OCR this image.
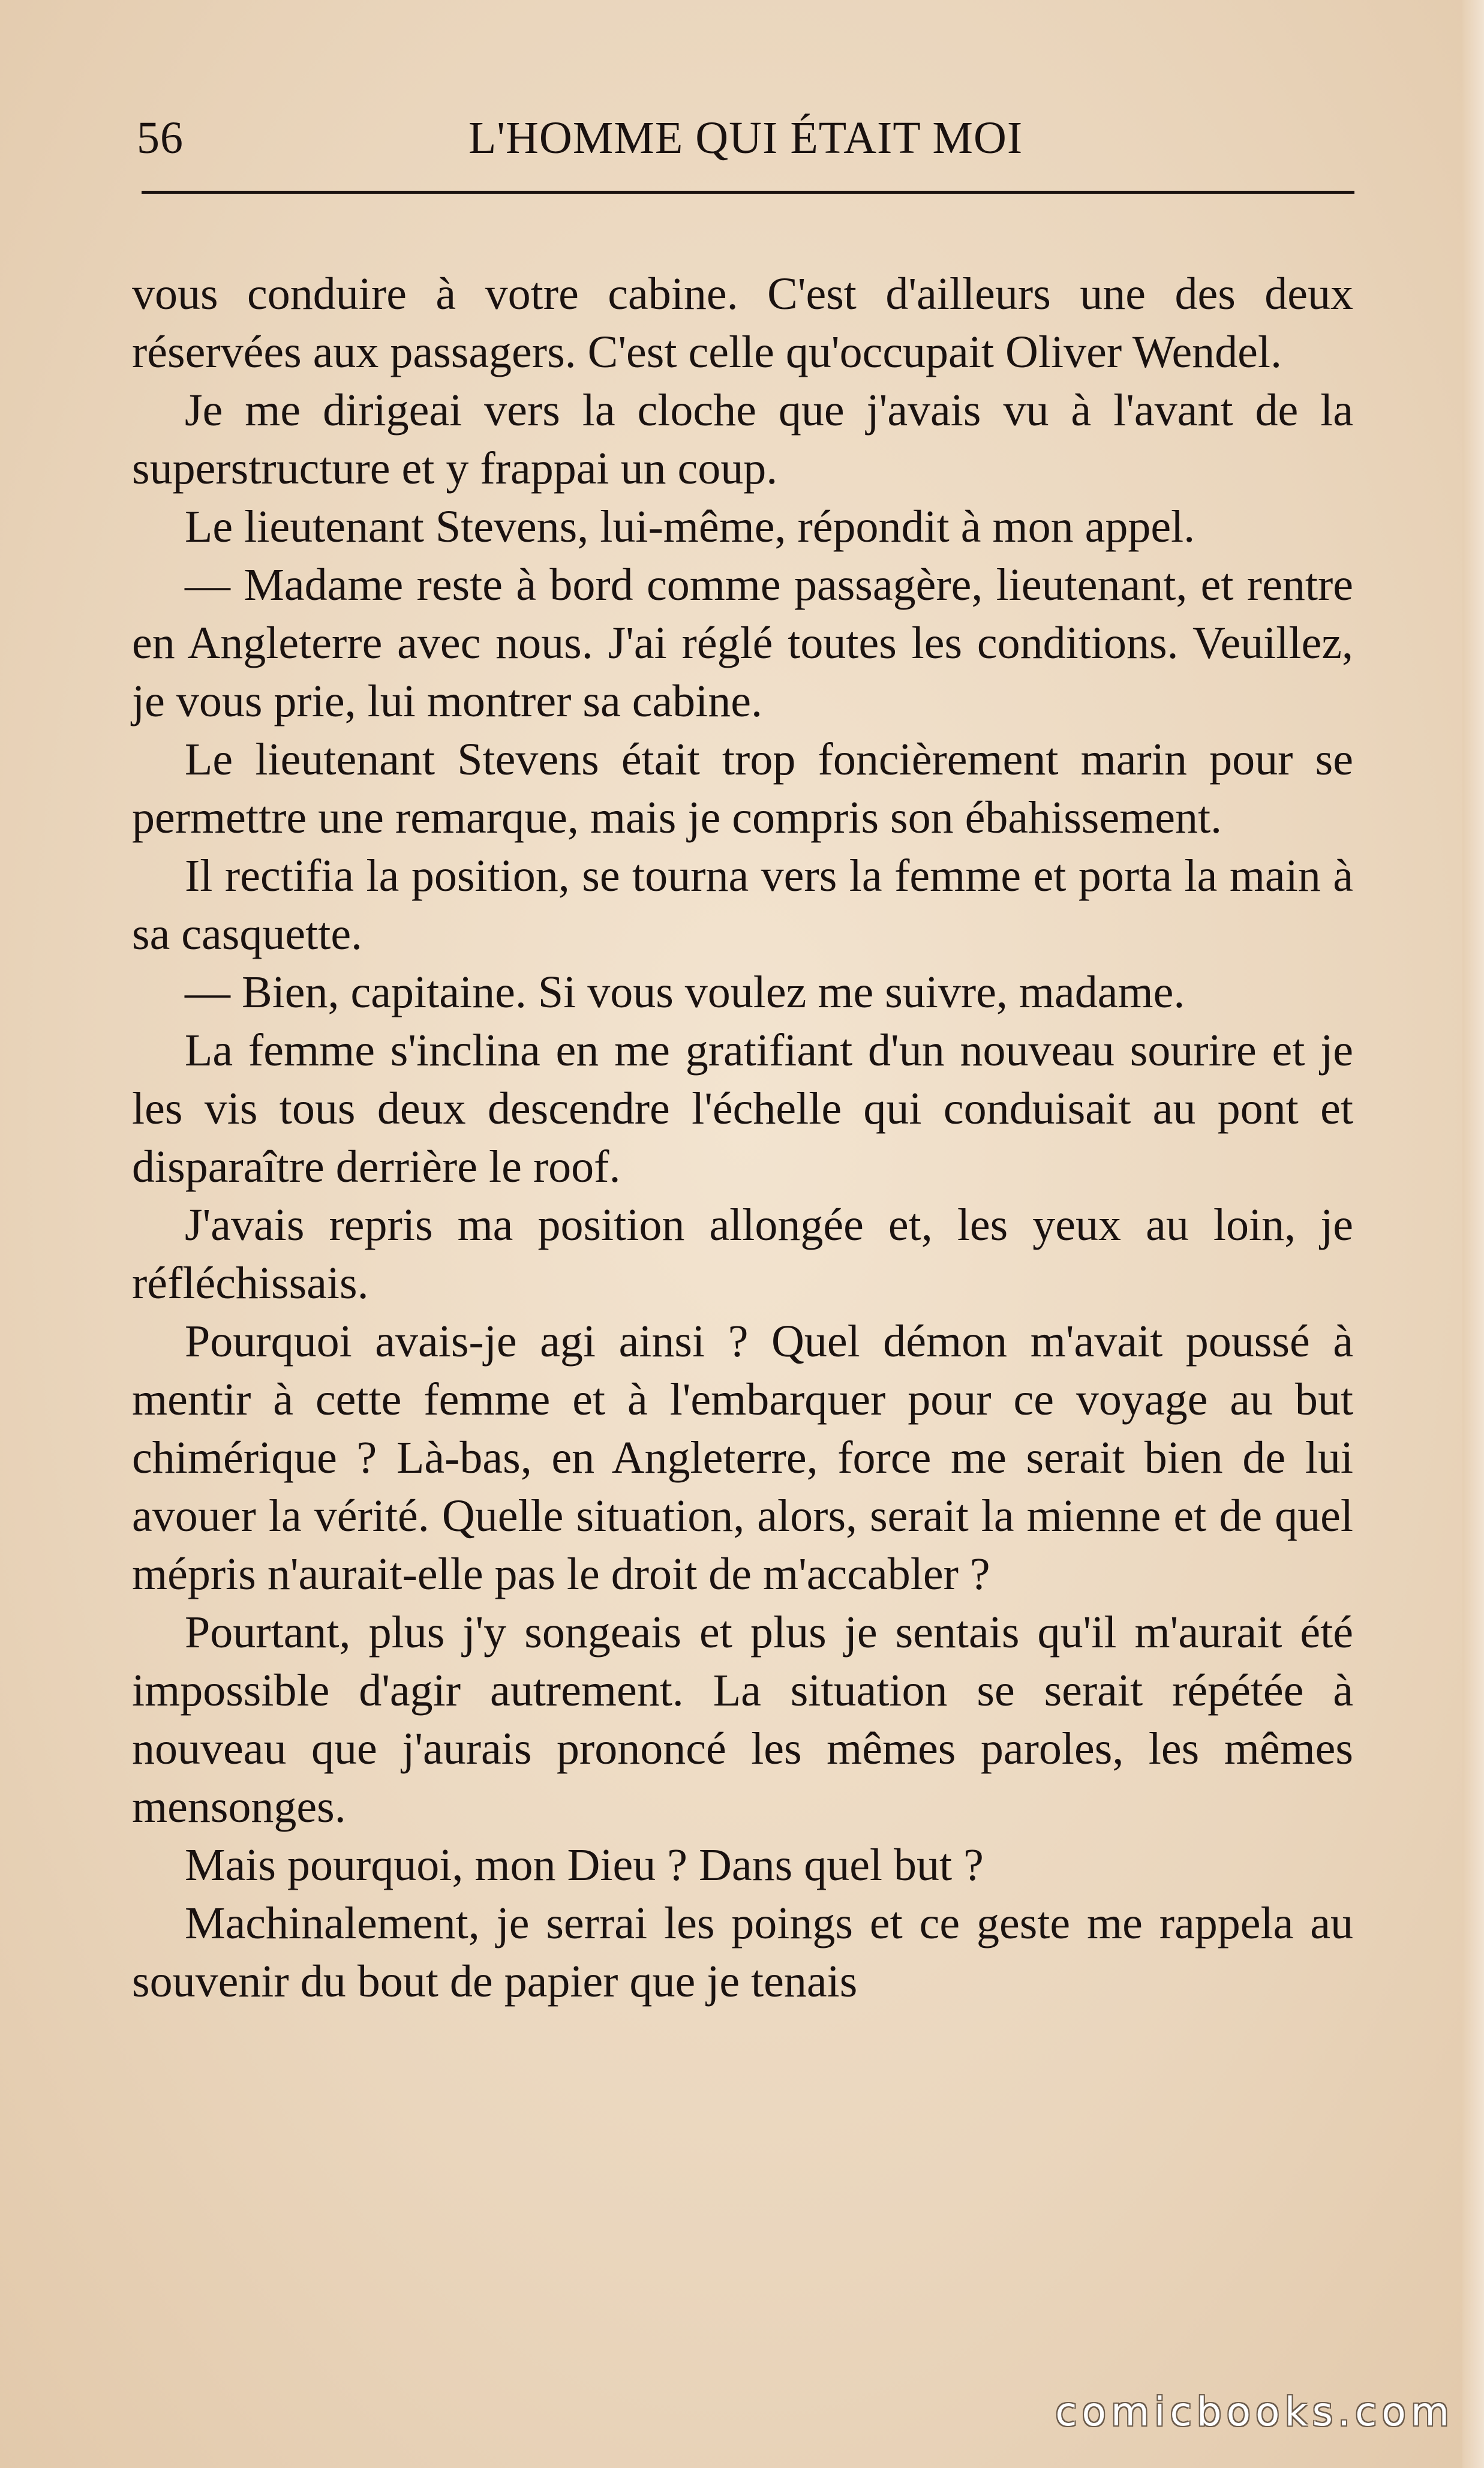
56	L'HOMME QUI ÉTAIT MOI

vous conduire à votre cabine. C'est d'ailleurs une des deux réservées aux passagers. C'est celle qu'occupait Oliver Wendel.

Je me dirigeai vers la cloche que j'avais vu à l'avant de la superstructure et y frappai un coup.

Le lieutenant Stevens, lui-même, répondit à mon appel.

— Madame reste à bord comme passagère, lieutenant, et rentre en Angleterre avec nous. J'ai réglé toutes les conditions. Veuillez, je vous prie, lui montrer sa cabine.

Le lieutenant Stevens était trop foncièrement marin pour se permettre une remarque, mais je compris son ébahissement.

Il rectifia la position, se tourna vers la femme et porta la main à sa casquette.

— Bien, capitaine. Si vous voulez me suivre, madame.

La femme s'inclina en me gratifiant d'un nouveau sourire et je les vis tous deux descendre l'échelle qui conduisait au pont et disparaître derrière le roof.

J'avais repris ma position allongée et, les yeux au loin, je réfléchissais.

Pourquoi avais-je agi ainsi ? Quel démon m'avait poussé à mentir à cette femme et à l'embarquer pour ce voyage au but chimérique ? Là-bas, en Angleterre, force me serait bien de lui avouer la vérité. Quelle situation, alors, serait la mienne et de quel mépris n'aurait-elle pas le droit de m'accabler ?

Pourtant, plus j'y songeais et plus je sentais qu'il m'aurait été impossible d'agir autrement. La situation se serait répétée à nouveau que j'aurais prononcé les mêmes paroles, les mêmes mensonges.

Mais pourquoi, mon Dieu ? Dans quel but ?

Machinalement, je serrai les poings et ce geste me rappela au souvenir du bout de papier que je tenais

comicbooks.com
